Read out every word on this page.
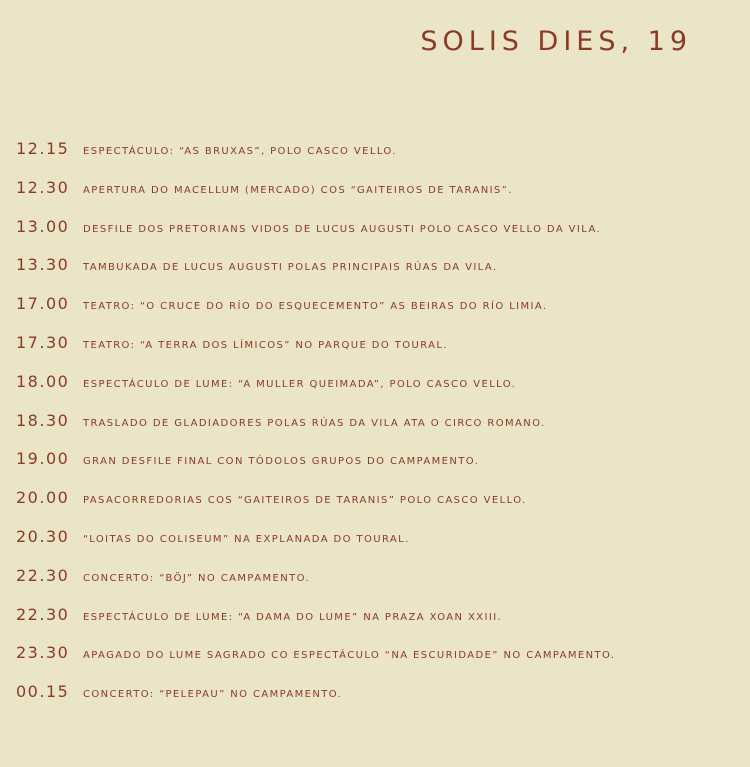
SOLIS DIES, 19
12.15	ESPECTÁCULO: “AS BRUXAS”, POLO CASCO VELLO.
12.30	APERTURA DO MACELLUM (MERCADO) COS “GAITEIROS DE TARANIS”.
13.00	DESFILE DOS PRETORIANS VIDOS DE LUCUS AUGUSTI POLO CASCO VELLO DA VILA.
13.30	TAMBUKADA DE LUCUS AUGUSTI POLAS PRINCIPAIS RÚAS DA VILA.
17.00	TEATRO: “O CRUCE DO RÍO DO ESQUECEMENTO” AS BEIRAS DO RÍO LIMIA.
17.30	TEATRO: “A TERRA DOS LÍMICOS” NO PARQUE DO TOURAL.
18.00	ESPECTÁCULO DE LUME: “A MULLER QUEIMADA”, POLO CASCO VELLO.
18.30	TRASLADO DE GLADIADORES POLAS RÚAS DA VILA ATA O CIRCO ROMANO.
19.00	GRAN DESFILE FINAL CON TÓDOLOS GRUPOS DO CAMPAMENTO.
20.00	PASACORREDORIAS COS “GAITEIROS DE TARANIS” POLO CASCO VELLO.
20.30	“LOITAS DO COLISEUM” NA EXPLANADA DO TOURAL.
22.30	CONCERTO: “BÖJ” NO CAMPAMENTO.
22.30	ESPECTÁCULO DE LUME: “A DAMA DO LUME” NA PRAZA XOAN XXIII.
23.30	APAGADO DO LUME SAGRADO CO ESPECTÁCULO “NA ESCURIDADE” NO CAMPAMENTO.
00.15	CONCERTO: “PELEPAU” NO CAMPAMENTO.
